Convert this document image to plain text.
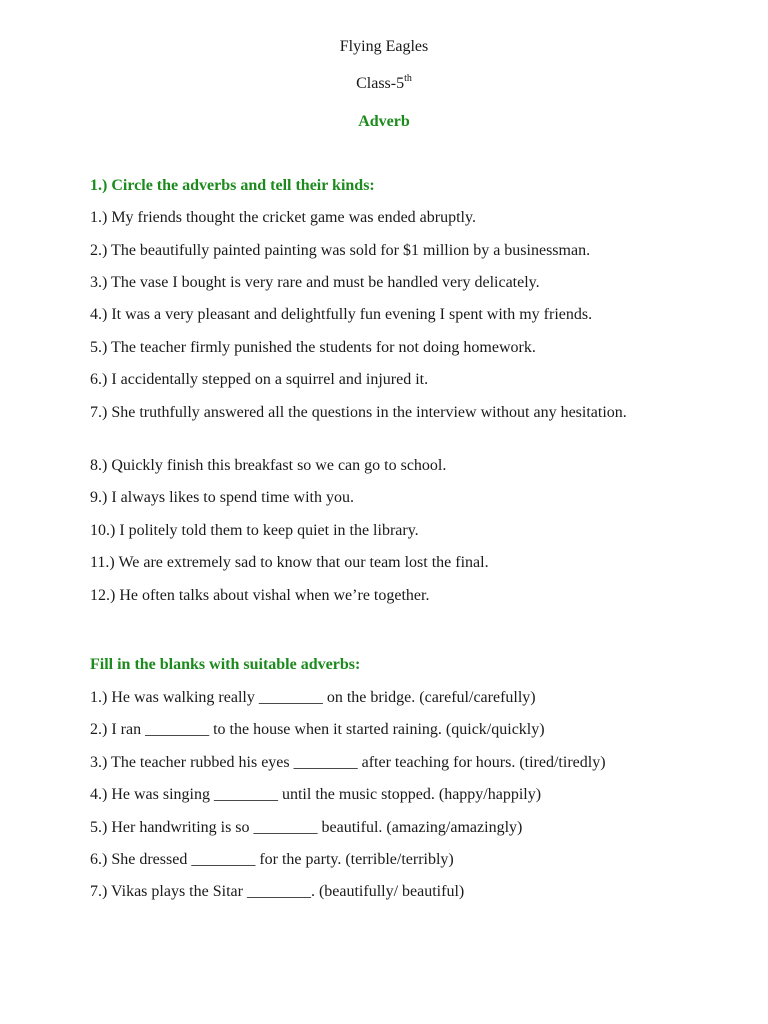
Flying Eagles
Class-5th
Adverb
1.) Circle the adverbs and tell their kinds:
1.) My friends thought the cricket game was ended abruptly.
2.) The beautifully painted painting was sold for $1 million by a businessman.
3.) The vase I bought is very rare and must be handled very delicately.
4.) It was a very pleasant and delightfully fun evening I spent with my friends.
5.) The teacher firmly punished the students for not doing homework.
6.) I accidentally stepped on a squirrel and injured it.
7.) She truthfully answered all the questions in the interview without any hesitation.
8.) Quickly finish this breakfast so we can go to school.
9.) I always likes to spend time with you.
10.) I politely told them to keep quiet in the library.
11.) We are extremely sad to know that our team lost the final.
12.) He often talks about vishal when we’re together.
Fill in the blanks with suitable adverbs:
1.) He was walking really ________ on the bridge. (careful/carefully)
2.) I ran ________ to the house when it started raining. (quick/quickly)
3.) The teacher rubbed his eyes ________ after teaching for hours. (tired/tiredly)
4.) He was singing ________ until the music stopped. (happy/happily)
5.) Her handwriting is so ________ beautiful. (amazing/amazingly)
6.) She dressed ________ for the party. (terrible/terribly)
7.) Vikas plays the Sitar ________. (beautifully/ beautiful)
